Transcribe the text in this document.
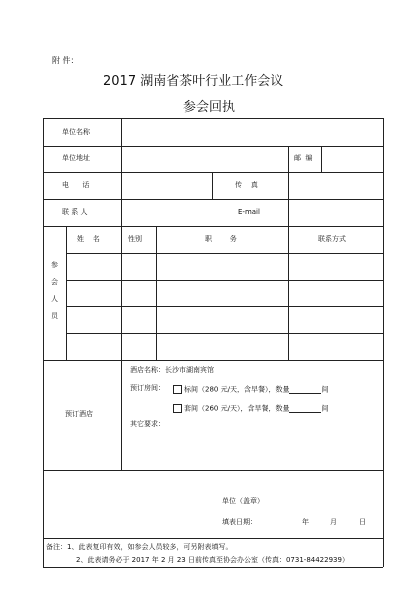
附 件：
2017 湖南省茶叶行业工作会议
参会回执
单位名称
单位地址	邮  编
电      话	传    真
联 系 人	E-mail
参
会
人
员
姓    名	性别	职        务	联系方式
预订酒店
酒店名称：长沙市湖南宾馆
预订房间：	标间（280 元/天，含早餐），数量	间
套间（260 元/天），含早餐，数量	间
其它要求：
单位（盖章）
填表日期：	年	月	日
备注：1、此表复印有效，如参会人员较多，可另附表填写。
2、此表请务必于 2017 年 2 月 23 日前传真至协会办公室（传真：0731-84422939）
